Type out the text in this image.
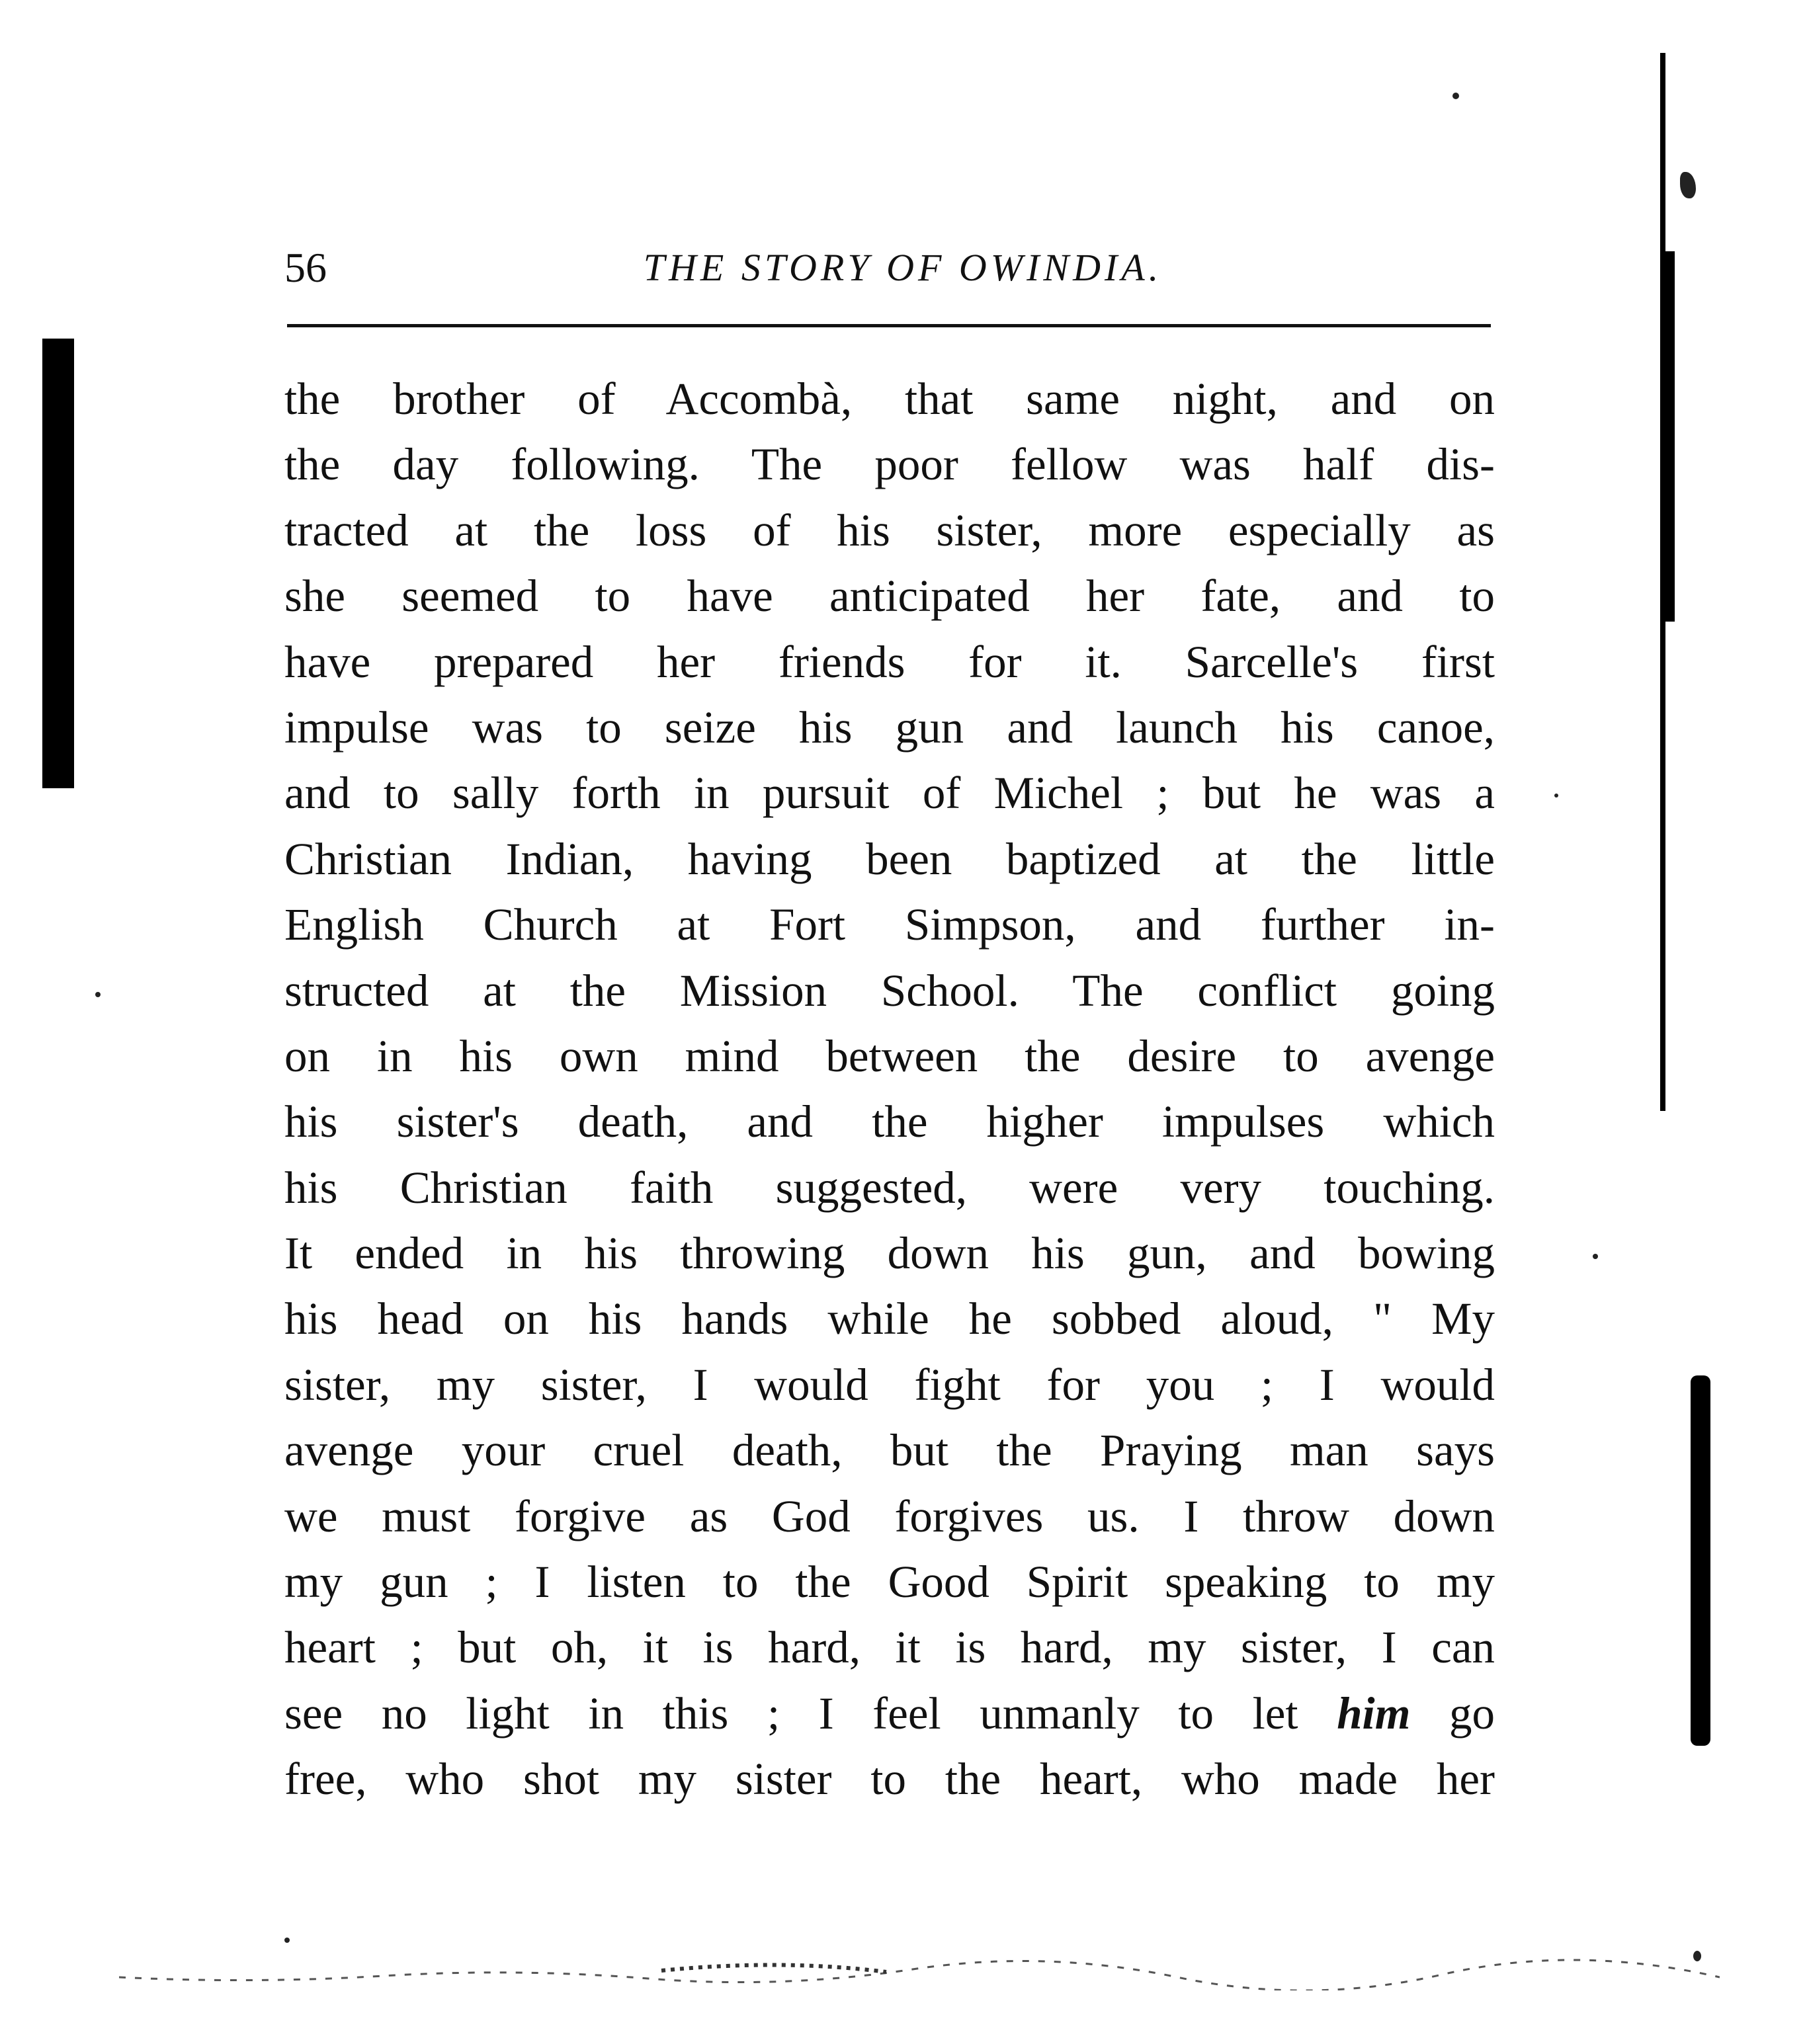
56	THE STORY OF OWINDIA.
the brother of Accombà, that same night, and on
the day following. The poor fellow was half dis-
tracted at the loss of his sister, more especially as
she seemed to have anticipated her fate, and to
have prepared her friends for it. Sarcelle's first
impulse was to seize his gun and launch his canoe,
and to sally forth in pursuit of Michel ; but he was a
Christian Indian, having been baptized at the little
English Church at Fort Simpson, and further in-
structed at the Mission School. The conflict going
on in his own mind between the desire to avenge
his sister's death, and the higher impulses which
his Christian faith suggested, were very touching.
It ended in his throwing down his gun, and bowing
his head on his hands while he sobbed aloud, " My
sister, my sister, I would fight for you ; I would
avenge your cruel death, but the Praying man says
we must forgive as God forgives us. I throw down
my gun ; I listen to the Good Spirit speaking to my
heart ; but oh, it is hard, it is hard, my sister, I can
see no light in this ; I feel unmanly to let him go
free, who shot my sister to the heart, who made her
